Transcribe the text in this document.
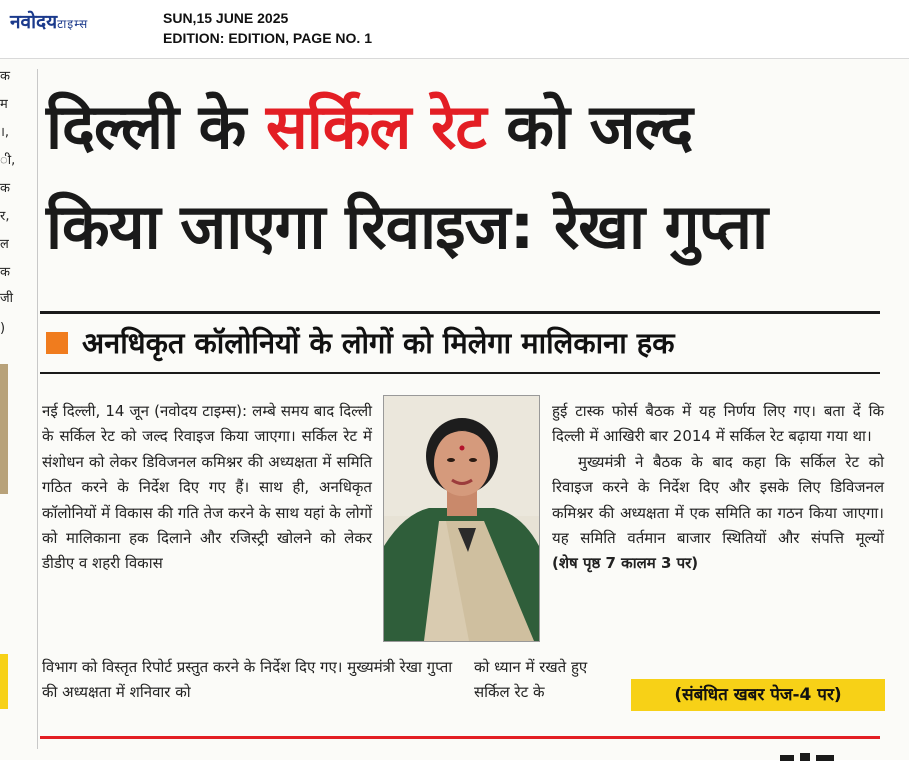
नवोदयटाइम्स	SUN,15 JUNE 2025
EDITION: EDITION, PAGE NO. 1
क
म
।,
ी,
क
र,
ल
क
जी
)
दिल्ली के सर्किल रेट को जल्द
किया जाएगा रिवाइज: रेखा गुप्ता
अनधिकृत कॉलोनियों के लोगों को मिलेगा मालिकाना हक
नई दिल्ली, 14 जून (नवोदय टाइम्स): लम्बे समय बाद दिल्ली के सर्किल रेट को जल्द रिवाइज किया जाएगा। सर्किल रेट में संशोधन को लेकर डिविजनल कमिश्नर की अध्यक्षता में समिति गठित करने के निर्देश दिए गए हैं। साथ ही, अनधिकृत कॉलोनियों में विकास की गति तेज करने के साथ यहां के लोगों को मालिकाना हक दिलाने और रजिस्ट्री खोलने को लेकर डीडीए व शहरी विकास
हुई टास्क फोर्स बैठक में यह निर्णय लिए गए। बता दें कि दिल्ली में आखिरी बार 2014 में सर्किल रेट बढ़ाया गया था।
मुख्यमंत्री ने बैठक के बाद कहा कि सर्किल रेट को रिवाइज करने के निर्देश दिए और इसके लिए डिविजनल कमिश्नर की अध्यक्षता में एक समिति का गठन किया जाएगा। यह समिति वर्तमान बाजार स्थितियों और संपत्ति मूल्यों (शेष पृष्ठ 7 कालम 3 पर)
विभाग को विस्तृत रिपोर्ट प्रस्तुत करने के निर्देश दिए गए। मुख्यमंत्री रेखा गुप्ता की अध्यक्षता में शनिवार को
को ध्यान में रखते हुए सर्किल रेट के	(संबंधित खबर पेज-4 पर)
